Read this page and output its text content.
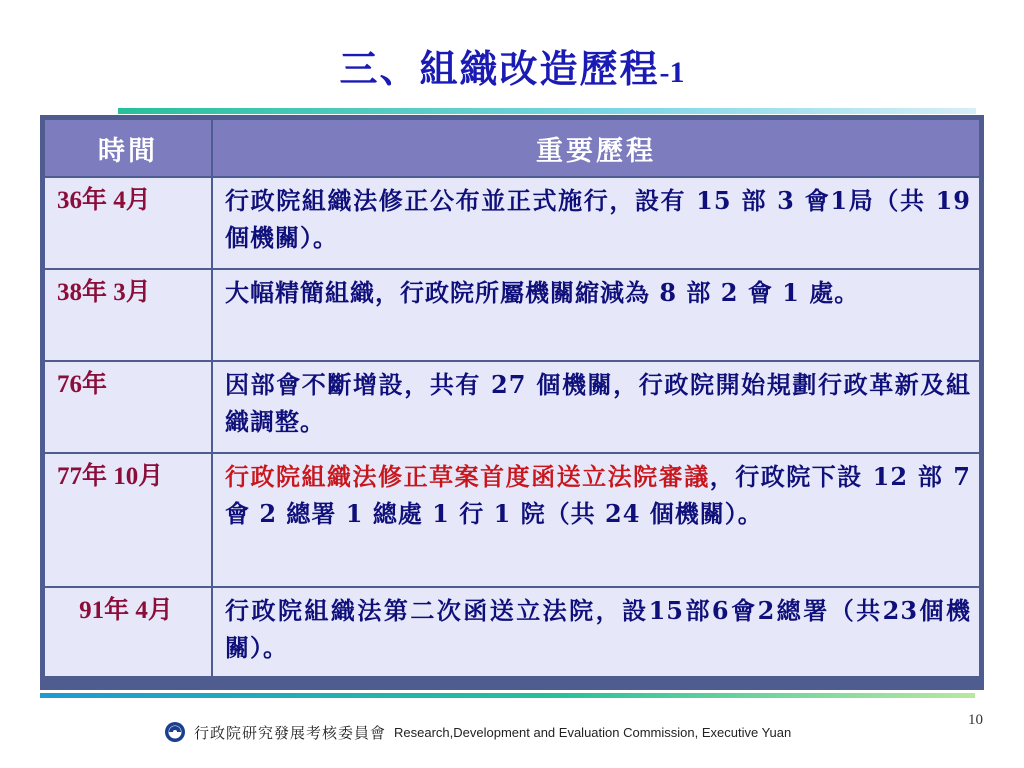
三、組織改造歷程-1
時間	重要歷程
36年 4月	行政院組織法修正公布並正式施行，設有 15 部 3 會1局（共 19 個機關）。
38年 3月	大幅精簡組織，行政院所屬機關縮減為 8 部 2 會 1 處。
76年	因部會不斷增設，共有 27 個機關，行政院開始規劃行政革新及組織調整。
77年 10月	行政院組織法修正草案首度函送立法院審議，行政院下設 12 部 7 會 2 總署 1 總處 1 行 1 院（共 24 個機關）。
91年 4月	行政院組織法第二次函送立法院，設15部6會2總署（共23個機關）。
行政院研究發展考核委員會 Research,Development and Evaluation Commission, Executive Yuan
10
